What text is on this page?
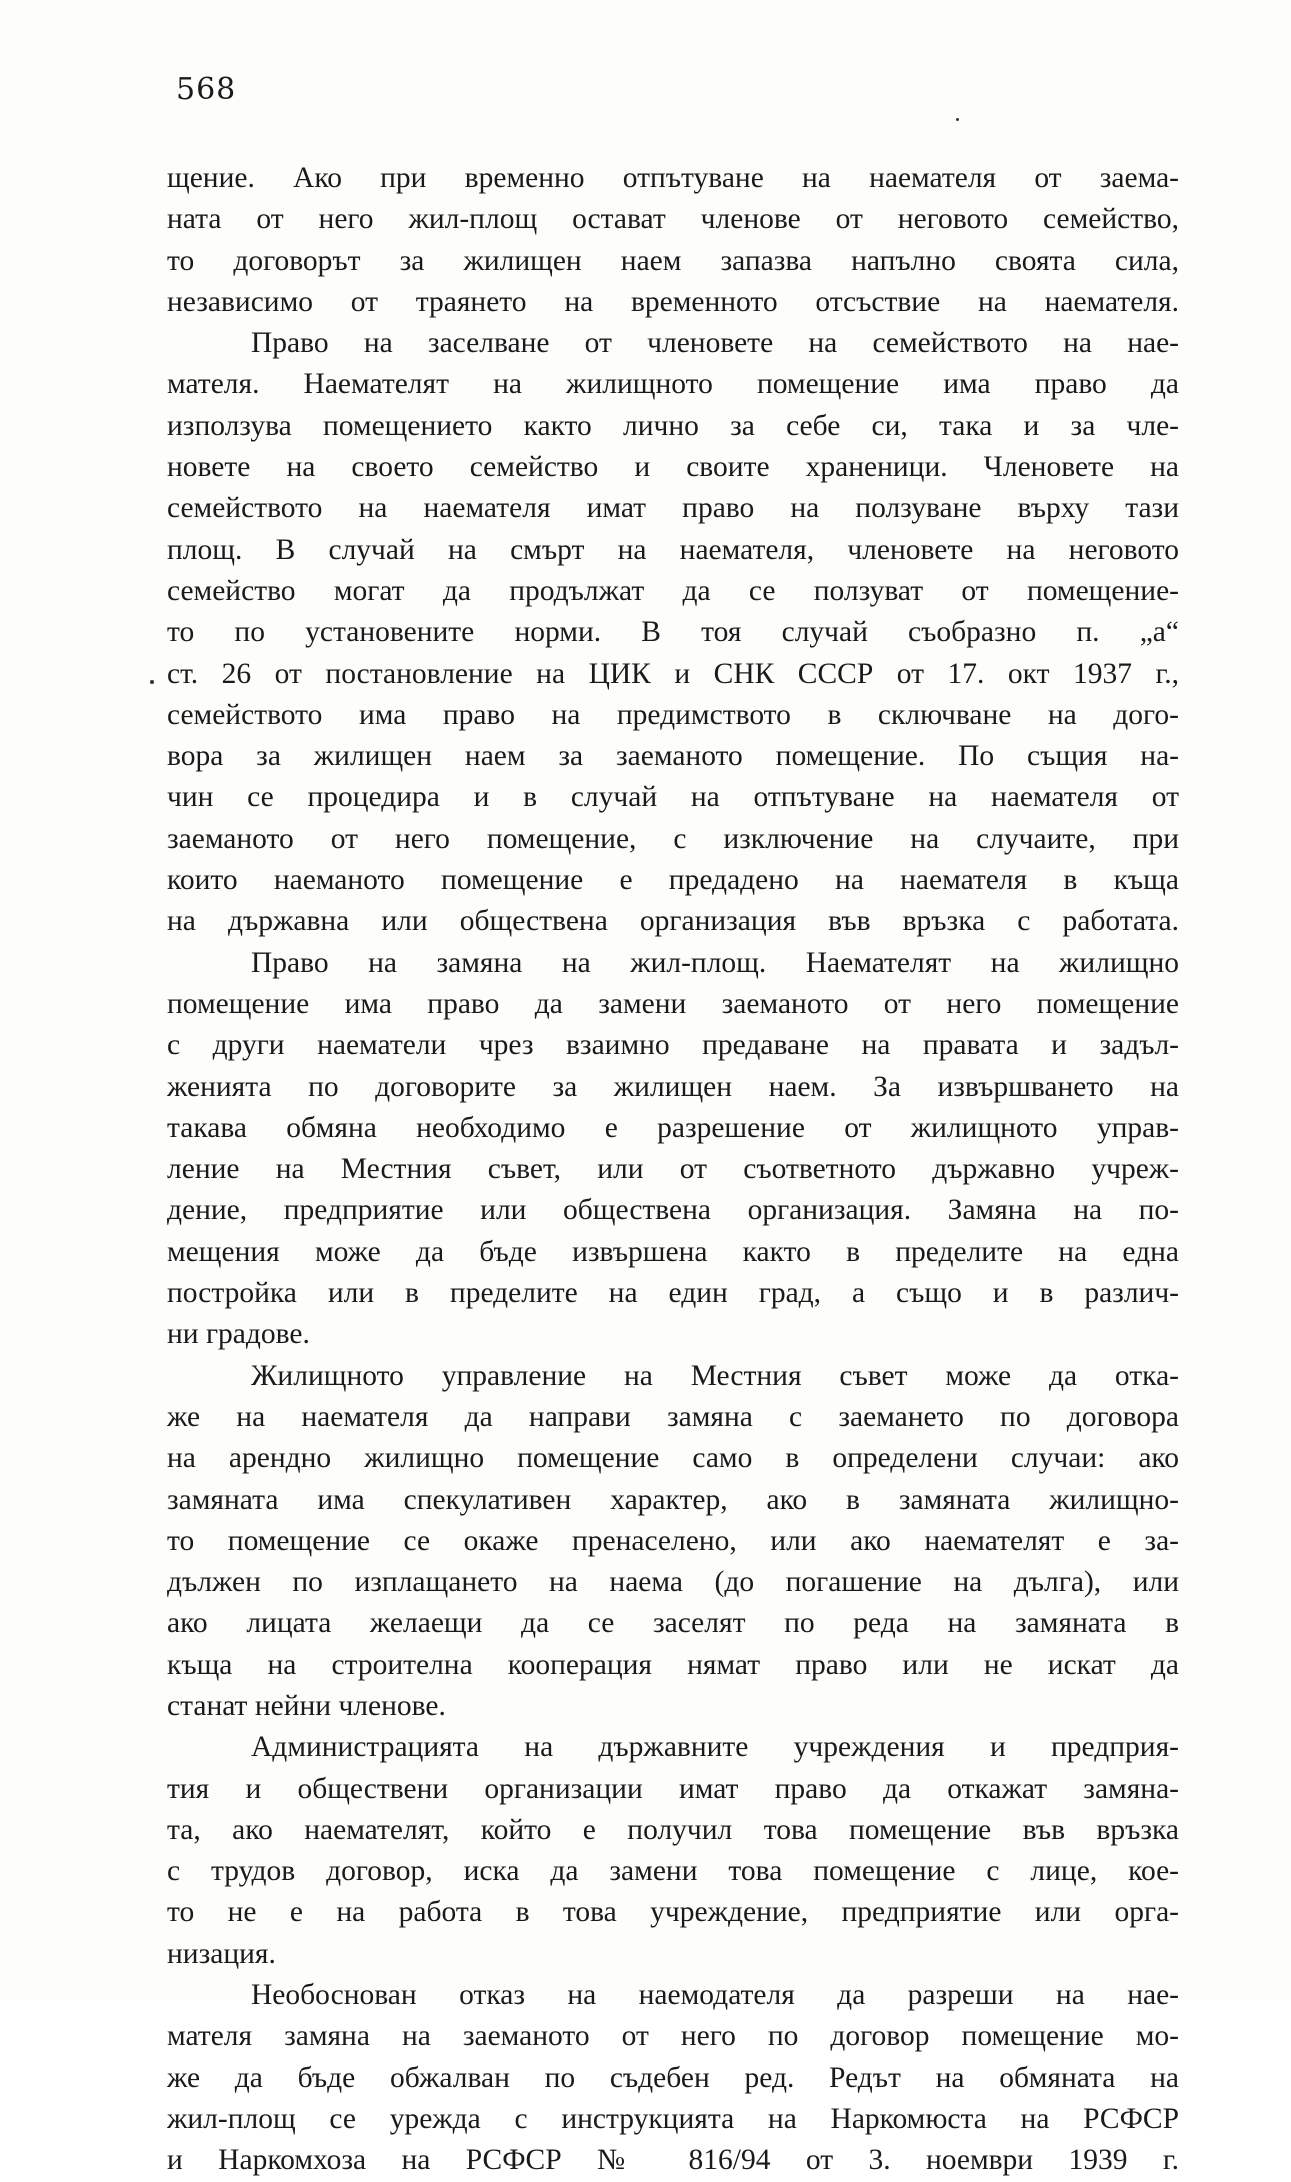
568
щение. Ако при временно отпътуване на наемателя от заема-
ната от него жил-площ остават членове от неговото семейство,
то договорът за жилищен наем запазва напълно своята сила,
независимо от траянето на временното отсъствие на наемателя.
Право на заселване от членовете на семейството на нае-
мателя. Наемателят на жилищното помещение има право да
използува помещението както лично за себе си, така и за чле-
новете на своето семейство и своите храненици. Членовете на
семейството на наемателя имат право на ползуване върху тази
площ. В случай на смърт на наемателя, членовете на неговото
семейство могат да продължат да се ползуват от помещение-
то по установените норми. В тоя случай съобразно п. „а“
ст. 26 от постановление на ЦИК и СНК СССР от 17. окт 1937 г.,
семейството има право на предимството в сключване на дого-
вора за жилищен наем за заеманото помещение. По същия на-
чин се процедира и в случай на отпътуване на наемателя от
заеманото от него помещение, с изключение на случаите, при
които наеманото помещение е предадено на наемателя в къща
на държавна или обществена организация във връзка с работата.
Право на замяна на жил-площ. Наемателят на жилищно
помещение има право да замени заеманото от него помещение
с други наематели чрез взаимно предаване на правата и задъл-
женията по договорите за жилищен наем. За извършването на
такава обмяна необходимо е разрешение от жилищното управ-
ление на Местния съвет, или от съответното държавно учреж-
дение, предприятие или обществена организация. Замяна на по-
мещения може да бъде извършена както в пределите на една
постройка или в пределите на един град, а също и в различ-
ни градове.
Жилищното управление на Местния съвет може да отка-
же на наемателя да направи замяна с заемането по договора
на арендно жилищно помещение само в определени случаи: ако
замяната има спекулативен характер, ако в замяната жилищно-
то помещение се окаже пренаселено, или ако наемателят е за-
дължен по изплащането на наема (до погашение на дълга), или
ако лицата желаещи да се заселят по реда на замяната в
къща на строителна кооперация нямат право или не искат да
станат нейни членове.
Администрацията на държавните учреждения и предприя-
тия и обществени организации имат право да откажат замяна-
та, ако наемателят, който е получил това помещение във връзка
с трудов договор, иска да замени това помещение с лице, кое-
то не е на работа в това учреждение, предприятие или орга-
низация.
Необоснован отказ на наемодателя да разреши на нае-
мателя замяна на заеманото от него по договор помещение мо-
же да бъде обжалван по съдебен ред. Редът на обмяната на
жил-площ се урежда с инструкцията на Наркомюста на РСФСР
и Наркомхоза на РСФСР № 816/94 от 3. ноември 1939 г.
